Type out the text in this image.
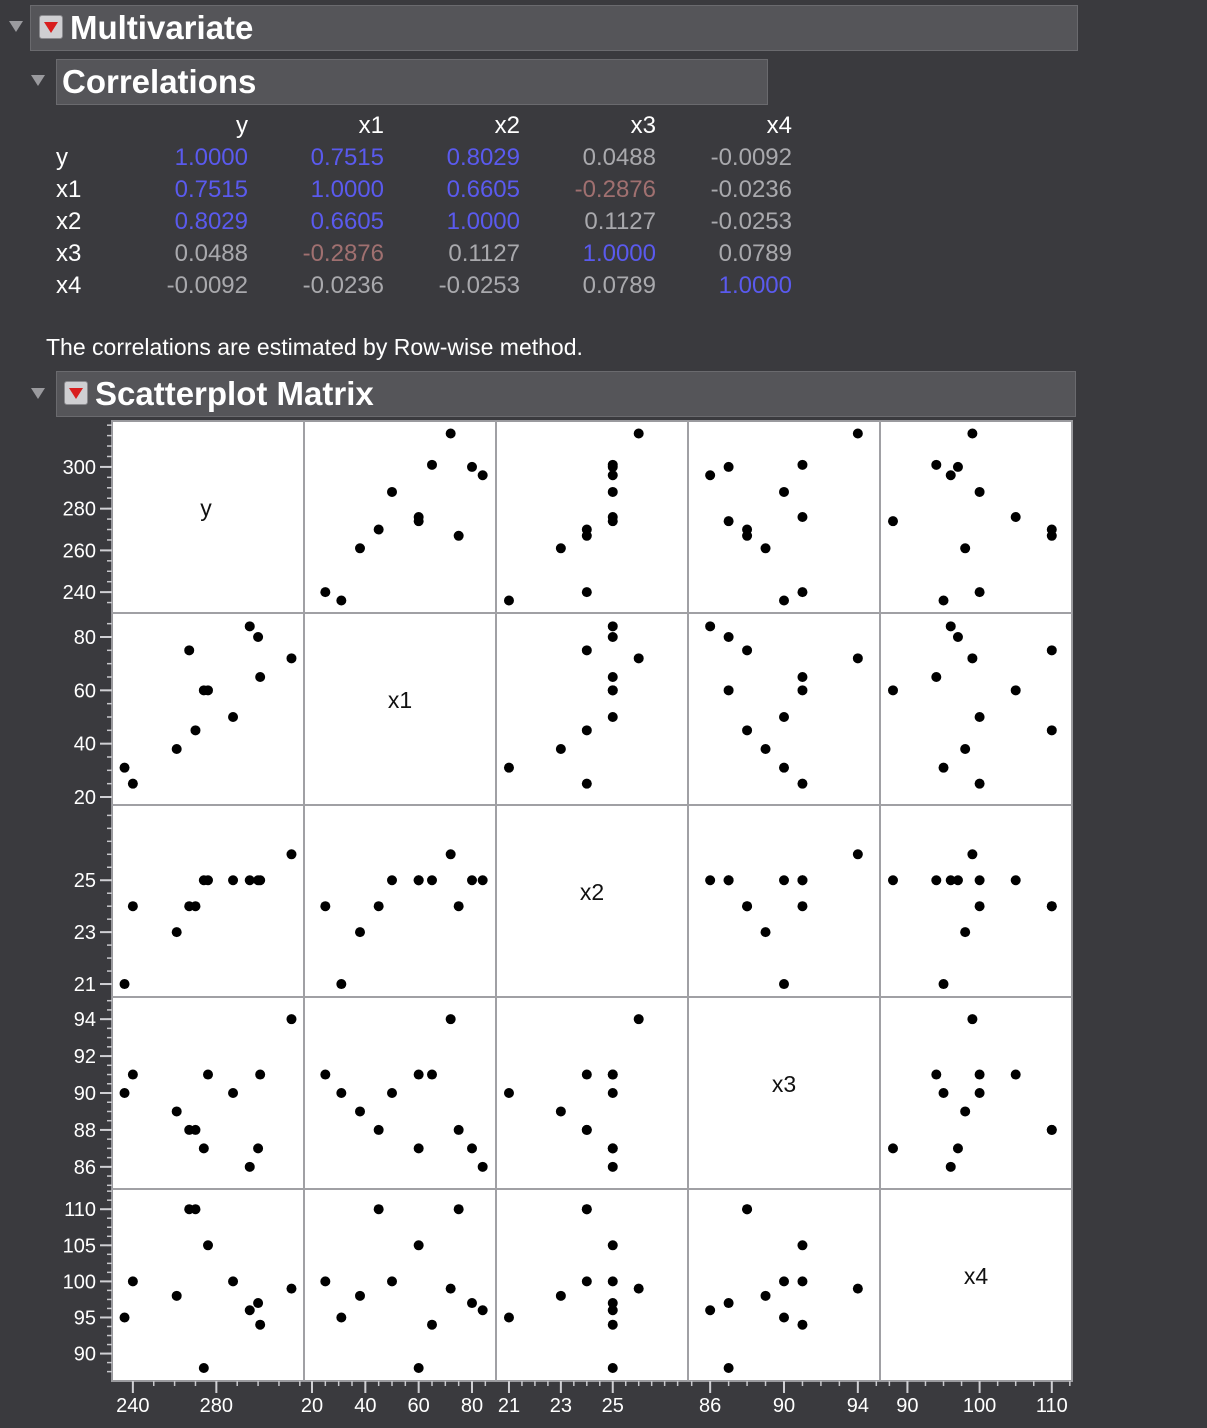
Multivariate
Correlations
	y	x1	x2	x3	x4
y	1.0000	0.7515	0.8029	0.0488	-0.0092
x1	0.7515	1.0000	0.6605	-0.2876	-0.0236
x2	0.8029	0.6605	1.0000	0.1127	-0.0253
x3	0.0488	-0.2876	0.1127	1.0000	0.0789
x4	-0.0092	-0.0236	-0.0253	0.0789	1.0000
The correlations are estimated by Row-wise method.
Scatterplot Matrix
240
260
280
300
20
40
60
80
21
23
25
86
88
90
92
94
90
95
100
105
110
240	280	20 40 60 80 21 23 25	86	90	94 90 100 110
y
x1
x2
x3
x4
